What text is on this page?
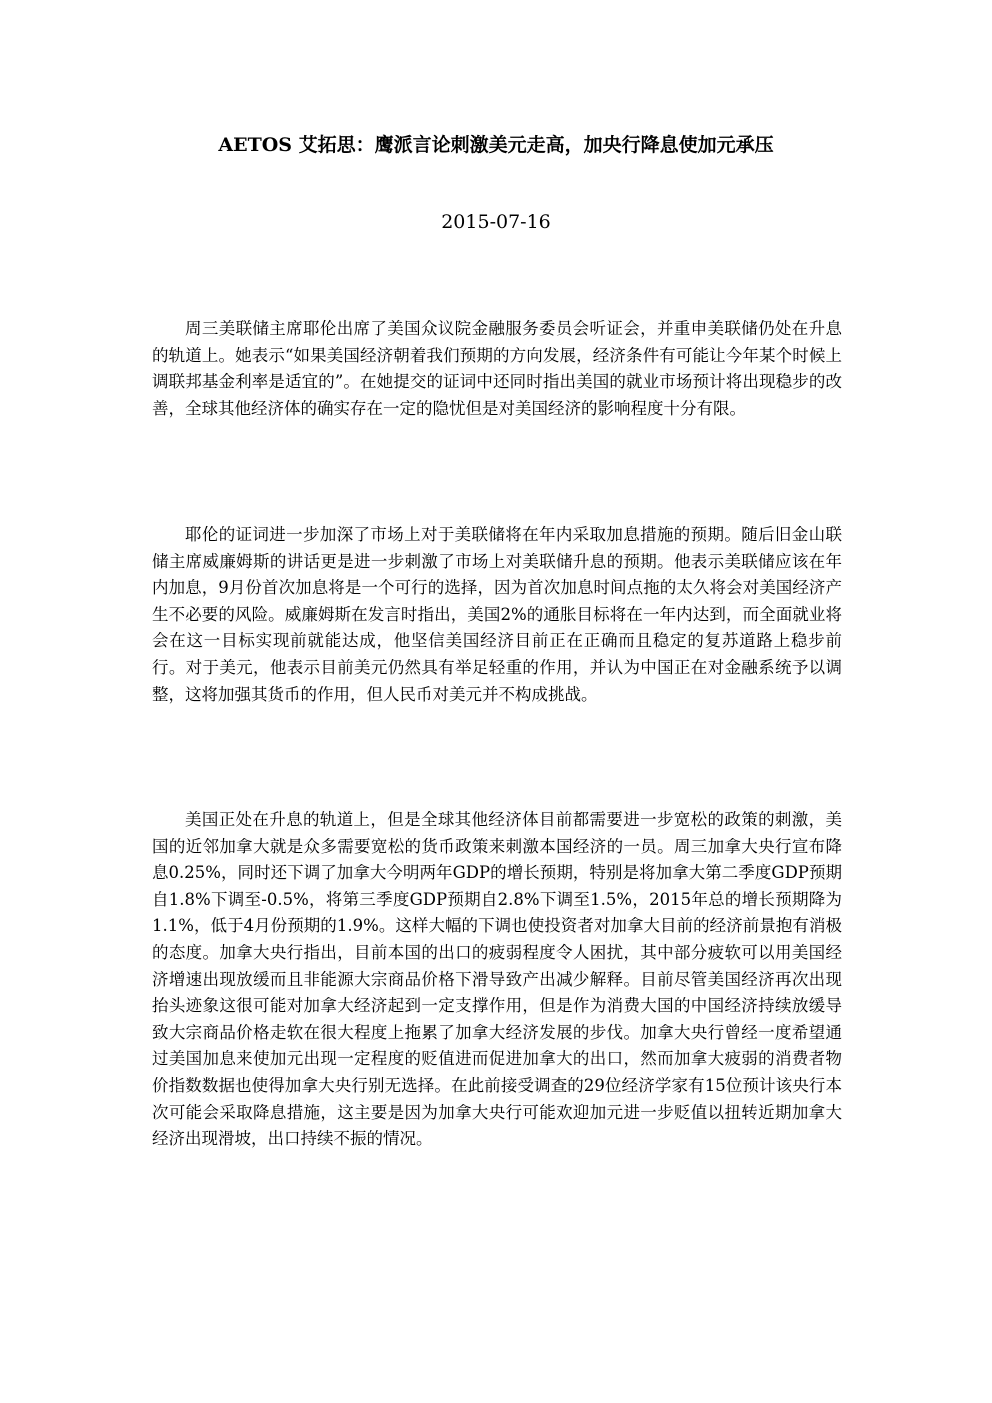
AETOS 艾拓思：鹰派言论刺激美元走高，加央行降息使加元承压
2015-07-16

周三美联储主席耶伦出席了美国众议院金融服务委员会听证会，并重申美联储仍处在升息的轨道上。她表示“如果美国经济朝着我们预期的方向发展，经济条件有可能让今年某个时候上调联邦基金利率是适宜的”。在她提交的证词中还同时指出美国的就业市场预计将出现稳步的改善，全球其他经济体的确实存在一定的隐忧但是对美国经济的影响程度十分有限。

耶伦的证词进一步加深了市场上对于美联储将在年内采取加息措施的预期。随后旧金山联储主席威廉姆斯的讲话更是进一步刺激了市场上对美联储升息的预期。他表示美联储应该在年内加息，9月份首次加息将是一个可行的选择，因为首次加息时间点拖的太久将会对美国经济产生不必要的风险。威廉姆斯在发言时指出，美国2%的通胀目标将在一年内达到，而全面就业将会在这一目标实现前就能达成，他坚信美国经济目前正在正确而且稳定的复苏道路上稳步前行。对于美元，他表示目前美元仍然具有举足轻重的作用，并认为中国正在对金融系统予以调整，这将加强其货币的作用，但人民币对美元并不构成挑战。

美国正处在升息的轨道上，但是全球其他经济体目前都需要进一步宽松的政策的刺激，美国的近邻加拿大就是众多需要宽松的货币政策来刺激本国经济的一员。周三加拿大央行宣布降息0.25%，同时还下调了加拿大今明两年GDP的增长预期，特别是将加拿大第二季度GDP预期自1.8%下调至-0.5%，将第三季度GDP预期自2.8%下调至1.5%，2015年总的增长预期降为1.1%，低于4月份预期的1.9%。这样大幅的下调也使投资者对加拿大目前的经济前景抱有消极的态度。加拿大央行指出，目前本国的出口的疲弱程度令人困扰，其中部分疲软可以用美国经济增速出现放缓而且非能源大宗商品价格下滑导致产出减少解释。目前尽管美国经济再次出现抬头迹象这很可能对加拿大经济起到一定支撑作用，但是作为消费大国的中国经济持续放缓导致大宗商品价格走软在很大程度上拖累了加拿大经济发展的步伐。加拿大央行曾经一度希望通过美国加息来使加元出现一定程度的贬值进而促进加拿大的出口，然而加拿大疲弱的消费者物价指数数据也使得加拿大央行别无选择。在此前接受调查的29位经济学家有15位预计该央行本次可能会采取降息措施，这主要是因为加拿大央行可能欢迎加元进一步贬值以扭转近期加拿大经济出现滑坡，出口持续不振的情况。
